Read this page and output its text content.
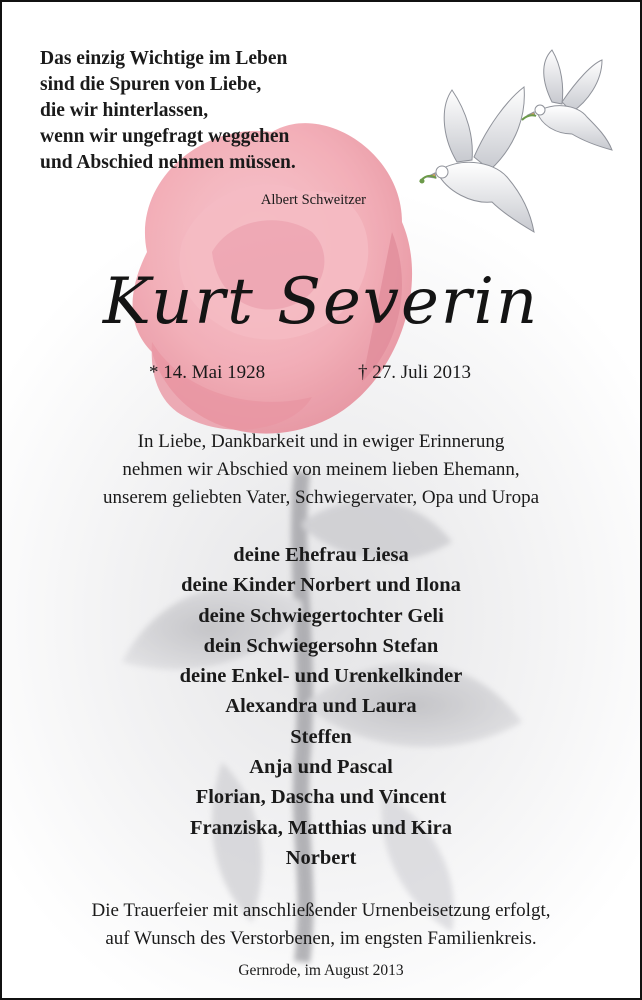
Das einzig Wichtige im Leben
sind die Spuren von Liebe,
die wir hinterlassen,
wenn wir ungefragt weggehen
und Abschied nehmen müssen.
Albert Schweitzer
Kurt Severin
* 14. Mai 1928	† 27. Juli 2013
In Liebe, Dankbarkeit und in ewiger Erinnerung
nehmen wir Abschied von meinem lieben Ehemann,
unserem geliebten Vater, Schwiegervater, Opa und Uropa
deine Ehefrau Liesa
deine Kinder Norbert und Ilona
deine Schwiegertochter Geli
dein Schwiegersohn Stefan
deine Enkel- und Urenkelkinder
Alexandra und Laura
Steffen
Anja und Pascal
Florian, Dascha und Vincent
Franziska, Matthias und Kira
Norbert
Die Trauerfeier mit anschließender Urnenbeisetzung erfolgt,
auf Wunsch des Verstorbenen, im engsten Familienkreis.
Gernrode, im August 2013
